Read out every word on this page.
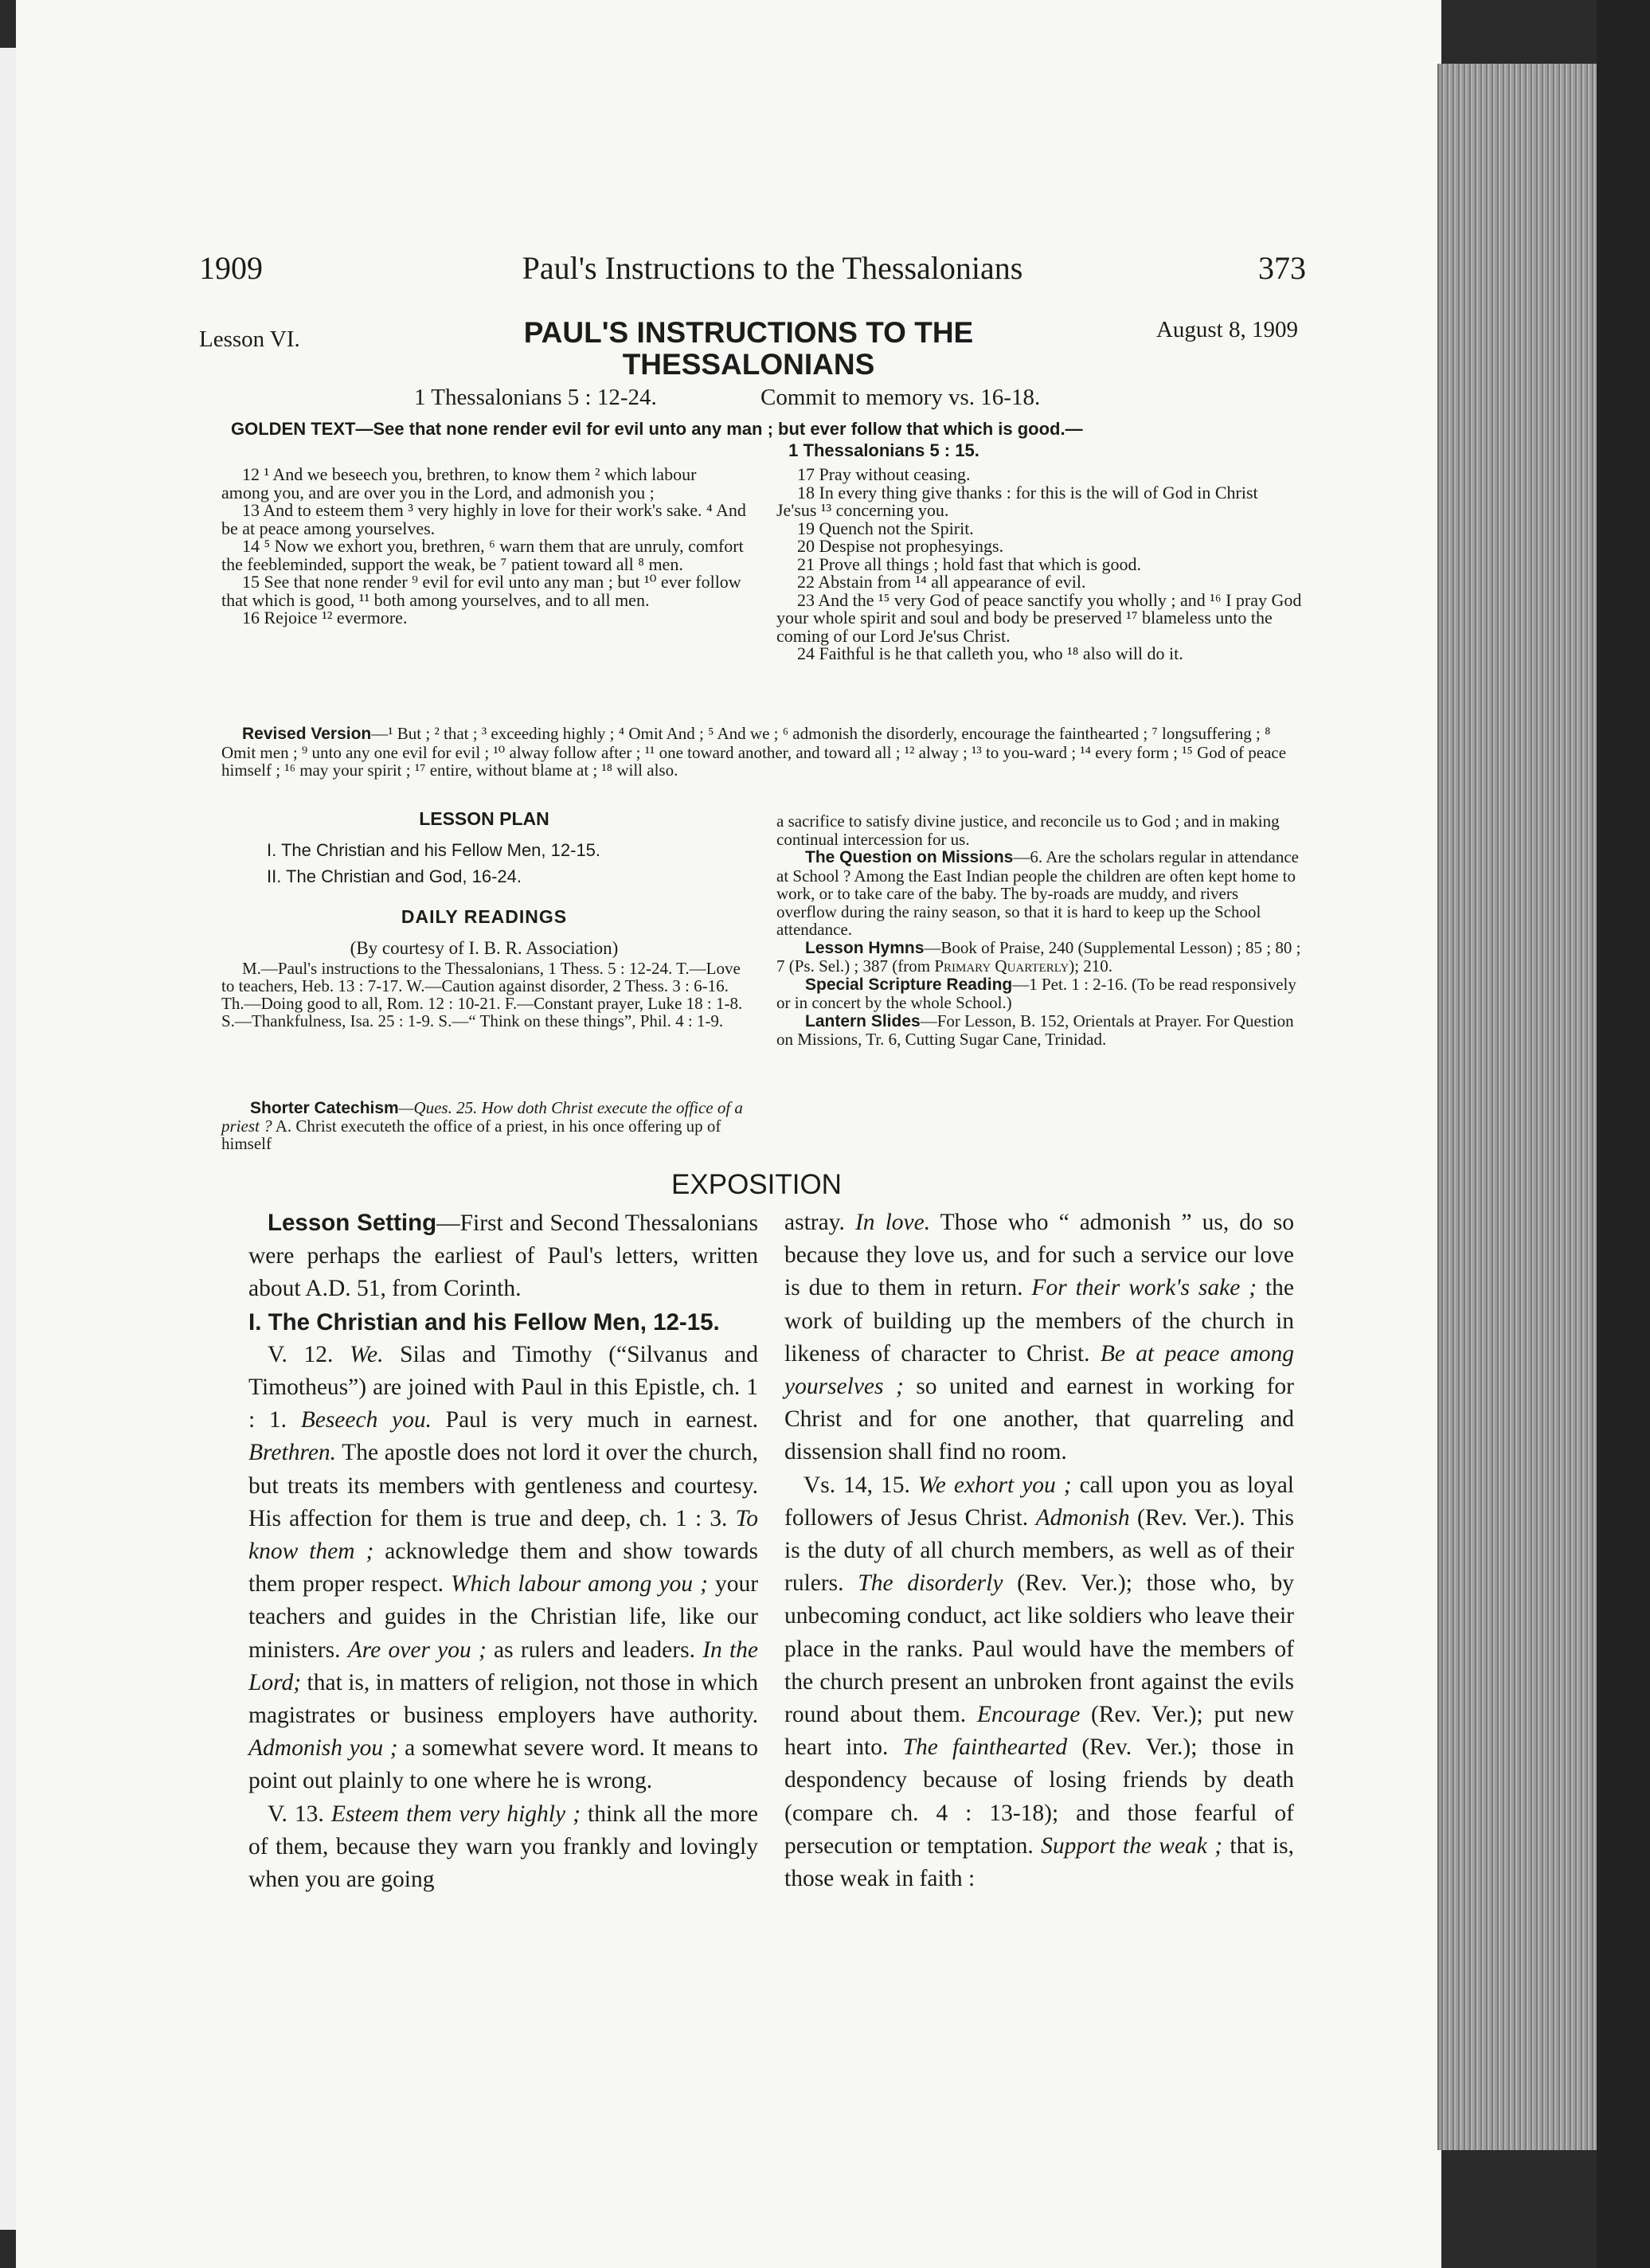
1909	Paul's Instructions to the Thessalonians	373
Lesson VI.	PAUL'S INSTRUCTIONS TO THE THESSALONIANS
August 8, 1909
1 Thessalonians 5 : 12-24.	Commit to memory vs. 16-18.
GOLDEN TEXT—See that none render evil for evil unto any man ; but ever follow that which is good.—
1 Thessalonians 5 : 15.

12 ¹ And we beseech you, brethren, to know them ² which labour among you, and are over you in the Lord, and admonish you ;

13 And to esteem them ³ very highly in love for their work's sake. ⁴ And be at peace among yourselves.

14 ⁵ Now we exhort you, brethren, ⁶ warn them that are unruly, comfort the feebleminded, support the weak, be ⁷ patient toward all ⁸ men.

15 See that none render ⁹ evil for evil unto any man ; but ¹⁰ ever follow that which is good, ¹¹ both among yourselves, and to all men.

16 Rejoice ¹² evermore.

17 Pray without ceasing.

18 In every thing give thanks : for this is the will of God in Christ Je'sus ¹³ concerning you.

19 Quench not the Spirit.

20 Despise not prophesyings.

21 Prove all things ; hold fast that which is good.

22 Abstain from ¹⁴ all appearance of evil.

23 And the ¹⁵ very God of peace sanctify you wholly ; and ¹⁶ I pray God your whole spirit and soul and body be preserved ¹⁷ blameless unto the coming of our Lord Je'sus Christ.

24 Faithful is he that calleth you, who ¹⁸ also will do it.

Revised Version—¹ But ; ² that ; ³ exceeding highly ; ⁴ Omit And ; ⁵ And we ; ⁶ admonish the disorderly, encourage the fainthearted ; ⁷ longsuffering ; ⁸ Omit men ; ⁹ unto any one evil for evil ; ¹⁰ alway follow after ; ¹¹ one toward another, and toward all ; ¹² alway ; ¹³ to you-ward ; ¹⁴ every form ; ¹⁵ God of peace himself ; ¹⁶ may your spirit ; ¹⁷ entire, without blame at ; ¹⁸ will also.
LESSON PLAN
I. The Christian and his Fellow Men, 12-15.
II. The Christian and God, 16-24.
DAILY READINGS
(By courtesy of I. B. R. Association)

M.—Paul's instructions to the Thessalonians, 1 Thess. 5 : 12-24. T.—Love to teachers, Heb. 13 : 7-17. W.—Caution against disorder, 2 Thess. 3 : 6-16. Th.—Doing good to all, Rom. 12 : 10-21. F.—Constant prayer, Luke 18 : 1-8. S.—Thankfulness, Isa. 25 : 1-9. S.—“ Think on these things”, Phil. 4 : 1-9.

Shorter Catechism—Ques. 25. How doth Christ execute the office of a priest ? A. Christ executeth the office of a priest, in his once offering up of himself

a sacrifice to satisfy divine justice, and reconcile us to God ; and in making continual intercession for us.

The Question on Missions—6. Are the scholars regular in attendance at School ? Among the East Indian people the children are often kept home to work, or to take care of the baby. The by-roads are muddy, and rivers overflow during the rainy season, so that it is hard to keep up the School attendance.

Lesson Hymns—Book of Praise, 240 (Supplemental Lesson) ; 85 ; 80 ; 7 (Ps. Sel.) ; 387 (from Primary Quarterly); 210.

Special Scripture Reading—1 Pet. 1 : 2-16. (To be read responsively or in concert by the whole School.)

Lantern Slides—For Lesson, B. 152, Orientals at Prayer. For Question on Missions, Tr. 6, Cutting Sugar Cane, Trinidad.

EXPOSITION

Lesson Setting—First and Second Thessalonians were perhaps the earliest of Paul's letters, written about A.D. 51, from Corinth.

I. The Christian and his Fellow Men, 12-15.

V. 12. We. Silas and Timothy (“Silvanus and Timotheus”) are joined with Paul in this Epistle, ch. 1 : 1. Beseech you. Paul is very much in earnest. Brethren. The apostle does not lord it over the church, but treats its members with gentleness and courtesy. His affection for them is true and deep, ch. 1 : 3. To know them ; acknowledge them and show towards them proper respect. Which labour among you ; your teachers and guides in the Christian life, like our ministers. Are over you ; as rulers and leaders. In the Lord; that is, in matters of religion, not those in which magistrates or business employers have authority. Admonish you ; a somewhat severe word. It means to point out plainly to one where he is wrong.

V. 13. Esteem them very highly ; think all the more of them, because they warn you frankly and lovingly when you are going

astray. In love. Those who “ admonish ” us, do so because they love us, and for such a service our love is due to them in return. For their work's sake ; the work of building up the members of the church in likeness of character to Christ. Be at peace among yourselves ; so united and earnest in working for Christ and for one another, that quarreling and dissension shall find no room.

Vs. 14, 15. We exhort you ; call upon you as loyal followers of Jesus Christ. Admonish (Rev. Ver.). This is the duty of all church members, as well as of their rulers. The disorderly (Rev. Ver.); those who, by unbecoming conduct, act like soldiers who leave their place in the ranks. Paul would have the members of the church present an unbroken front against the evils round about them. Encourage (Rev. Ver.); put new heart into. The fainthearted (Rev. Ver.); those in despondency because of losing friends by death (compare ch. 4 : 13-18); and those fearful of persecution or temptation. Support the weak ; that is, those weak in faith :
